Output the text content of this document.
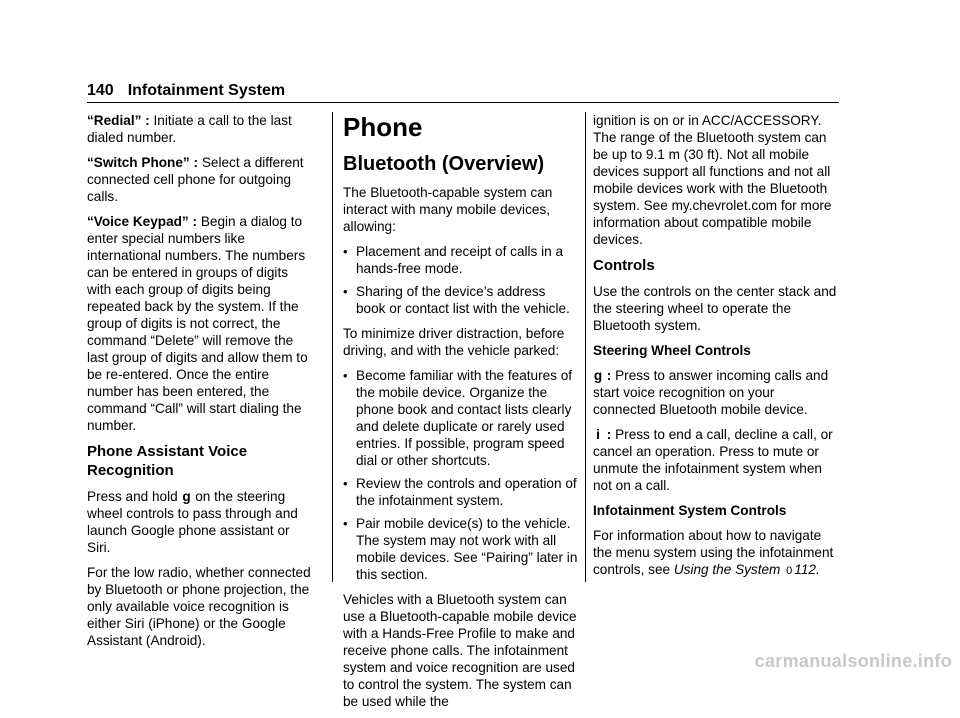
140 Infotainment System

“Redial” : Initiate a call to the last dialed number.

“Switch Phone” : Select a different connected cell phone for outgoing calls.

“Voice Keypad” : Begin a dialog to enter special numbers like international numbers. The numbers can be entered in groups of digits with each group of digits being repeated back by the system. If the group of digits is not correct, the command “Delete” will remove the last group of digits and allow them to be re-entered. Once the entire number has been entered, the command “Call” will start dialing the number.

Phone Assistant Voice Recognition

Press and hold g on the steering wheel controls to pass through and launch Google phone assistant or Siri.

For the low radio, whether connected by Bluetooth or phone projection, the only available voice recognition is either Siri (iPhone) or the Google Assistant (Android).

Phone
Bluetooth (Overview)

The Bluetooth-capable system can interact with many mobile devices, allowing:

• Placement and receipt of calls in a hands-free mode.
• Sharing of the device’s address book or contact list with the vehicle.

To minimize driver distraction, before driving, and with the vehicle parked:

• Become familiar with the features of the mobile device. Organize the phone book and contact lists clearly and delete duplicate or rarely used entries. If possible, program speed dial or other shortcuts.
• Review the controls and operation of the infotainment system.
• Pair mobile device(s) to the vehicle. The system may not work with all mobile devices. See “Pairing” later in this section.

Vehicles with a Bluetooth system can use a Bluetooth-capable mobile device with a Hands-Free Profile to make and receive phone calls. The infotainment system and voice recognition are used to control the system. The system can be used while the

ignition is on or in ACC/ACCESSORY. The range of the Bluetooth system can be up to 9.1 m (30 ft). Not all mobile devices support all functions and not all mobile devices work with the Bluetooth system. See my.chevrolet.com for more information about compatible mobile devices.

Controls

Use the controls on the center stack and the steering wheel to operate the Bluetooth system.

Steering Wheel Controls

g : Press to answer incoming calls and start voice recognition on your connected Bluetooth mobile device.

i : Press to end a call, decline a call, or cancel an operation. Press to mute or unmute the infotainment system when not on a call.

Infotainment System Controls

For information about how to navigate the menu system using the infotainment controls, see Using the System 0 112.

carmanualsonline.info
